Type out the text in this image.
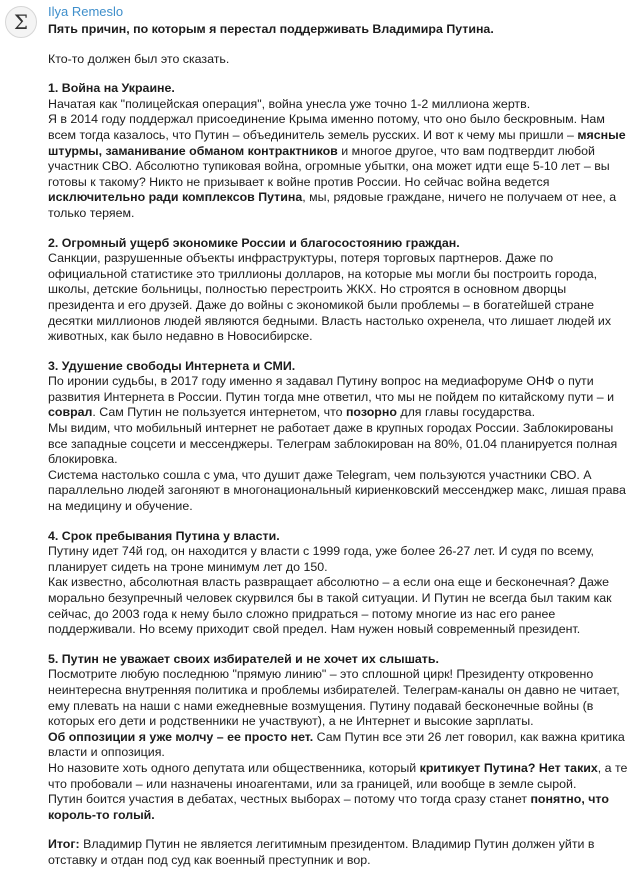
Σ Ilya Remeslo

Пять причин, по которым я перестал поддерживать Владимира Путина.

Кто-то должен был это сказать.

1. Война на Украине.

Начатая как "полицейская операция", война унесла уже точно 1-2 миллиона жертв.

Я в 2014 году поддержал присоединение Крыма именно потому, что оно было бескровным. Нам всем тогда казалось, что Путин – объединитель земель русских. И вот к чему мы пришли – мясные штурмы, заманивание обманом контрактников и многое другое, что вам подтвердит любой участник СВО. Абсолютно тупиковая война, огромные убытки, она может идти еще 5-10 лет – вы готовы к такому? Никто не призывает к войне против России. Но сейчас война ведется исключительно ради комплексов Путина, мы, рядовые граждане, ничего не получаем от нее, а только теряем.

2. Огромный ущерб экономике России и благосостоянию граждан.

Санкции, разрушенные объекты инфраструктуры, потеря торговых партнеров. Даже по официальной статистике это триллионы долларов, на которые мы могли бы построить города, школы, детские больницы, полностью перестроить ЖКХ. Но строятся в основном дворцы президента и его друзей. Даже до войны с экономикой были проблемы – в богатейшей стране десятки миллионов людей являются бедными. Власть настолько охренела, что лишает людей их животных, как было недавно в Новосибирске.

3. Удушение свободы Интернета и СМИ.

По иронии судьбы, в 2017 году именно я задавал Путину вопрос на медиафоруме ОНФ о пути развития Интернета в России. Путин тогда мне ответил, что мы не пойдем по китайскому пути – и соврал. Сам Путин не пользуется интернетом, что позорно для главы государства.

Мы видим, что мобильный интернет не работает даже в крупных городах России. Заблокированы все западные соцсети и мессенджеры. Телеграм заблокирован на 80%, 01.04 планируется полная блокировка.

Система настолько сошла с ума, что душит даже Telegram, чем пользуются участники СВО. А параллельно людей загоняют в многонациональный кириенковский мессенджер макс, лишая права на медицину и обучение.

4. Срок пребывания Путина у власти.

Путину идет 74й год, он находится у власти с 1999 года, уже более 26-27 лет. И судя по всему, планирует сидеть на троне минимум лет до 150.

Как известно, абсолютная власть развращает абсолютно – а если она еще и бесконечная? Даже морально безупречный человек скурвился бы в такой ситуации. И Путин не всегда был таким как сейчас, до 2003 года к нему было сложно придраться – потому многие из нас его ранее поддерживали. Но всему приходит свой предел. Нам нужен новый современный президент.

5. Путин не уважает своих избирателей и не хочет их слышать.

Посмотрите любую последнюю "прямую линию" – это сплошной цирк! Президенту откровенно неинтересна внутренняя политика и проблемы избирателей. Телеграм-каналы он давно не читает, ему плевать на наши с нами ежедневные возмущения. Путину подавай бесконечные войны (в которых его дети и родственники не участвуют), а не Интернет и высокие зарплаты.

Об оппозиции я уже молчу – ее просто нет. Сам Путин все эти 26 лет говорил, как важна критика власти и оппозиция.

Но назовите хоть одного депутата или общественника, который критикует Путина? Нет таких, а те что пробовали – или назначены иноагентами, или за границей, или вообще в земле сырой.

Путин боится участия в дебатах, честных выборах – потому что тогда сразу станет понятно, что король-то голый.

Итог: Владимир Путин не является легитимным президентом. Владимир Путин должен уйти в отставку и отдан под суд как военный преступник и вор.
